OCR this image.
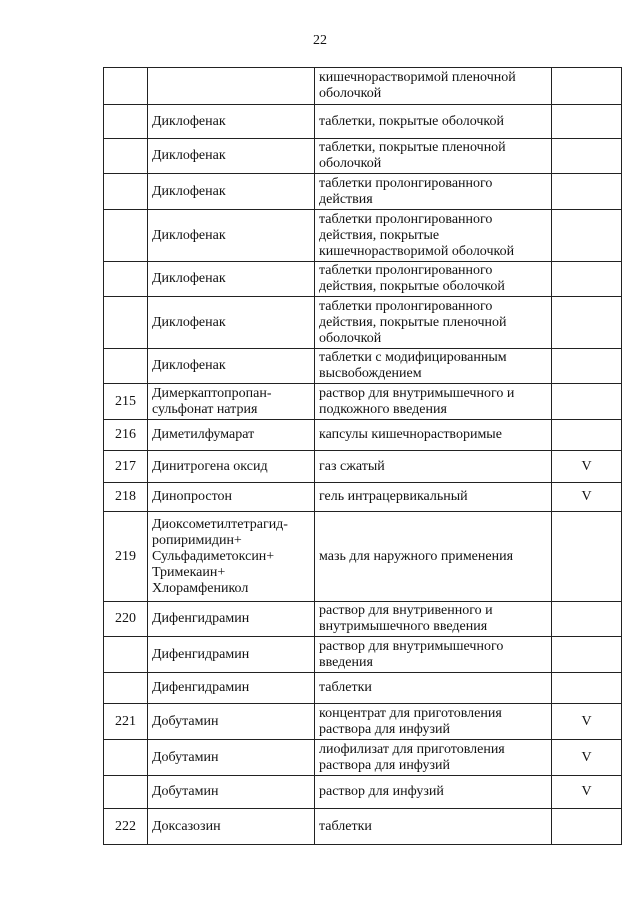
22
		кишечнорастворимой пленочной оболочкой	
	Диклофенак	таблетки, покрытые оболочкой	
	Диклофенак	таблетки, покрытые пленочной оболочкой	
	Диклофенак	таблетки пролонгированного действия	
	Диклофенак	таблетки пролонгированного действия, покрытые кишечнорастворимой оболочкой	
	Диклофенак	таблетки пролонгированного действия, покрытые оболочкой	
	Диклофенак	таблетки пролонгированного действия, покрытые пленочной оболочкой	
	Диклофенак	таблетки с модифицированным высвобождением	
215	Димеркаптопропан-сульфонат натрия	раствор для внутримышечного и подкожного введения	
216	Диметилфумарат	капсулы кишечнорастворимые	
217	Динитрогена оксид	газ сжатый	V
218	Динопростон	гель интрацервикальный	V
219	Диоксометилтетрагид-ропиримидин+ Сульфадиметоксин+ Тримекаин+ Хлорамфеникол	мазь для наружного применения	
220	Дифенгидрамин	раствор для внутривенного и внутримышечного введения	
	Дифенгидрамин	раствор для внутримышечного введения	
	Дифенгидрамин	таблетки	
221	Добутамин	концентрат для приготовления раствора для инфузий	V
	Добутамин	лиофилизат для приготовления раствора для инфузий	V
	Добутамин	раствор для инфузий	V
222	Доксазозин	таблетки	
